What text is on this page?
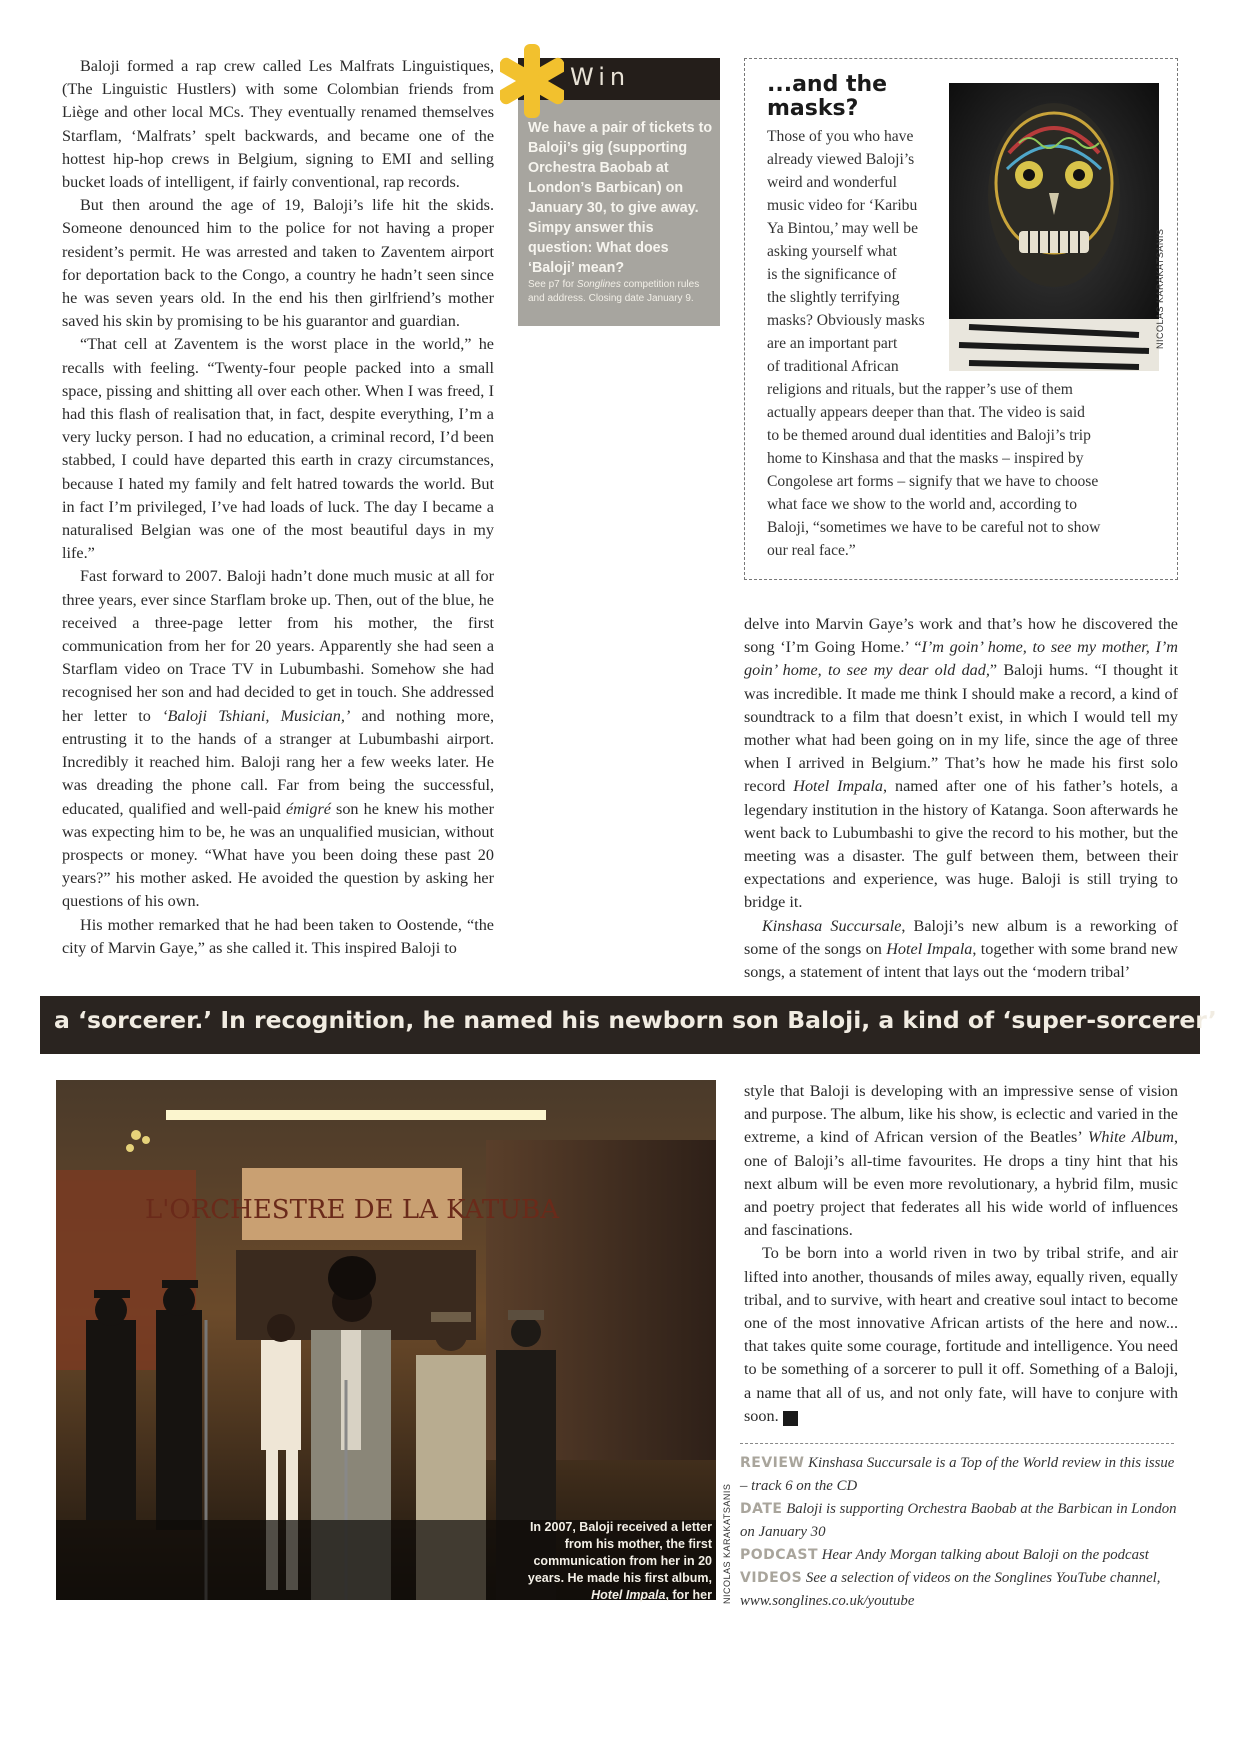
Baloji formed a rap crew called Les Malfrats Linguistiques, (The Linguistic Hustlers) with some Colombian friends from Liège and other local MCs. They eventually renamed themselves Starflam, ‘Malfrats’ spelt backwards, and became one of the hottest hip-hop crews in Belgium, signing to EMI and selling bucket loads of intelligent, if fairly conventional, rap records.

But then around the age of 19, Baloji’s life hit the skids. Someone denounced him to the police for not having a proper resident’s permit. He was arrested and taken to Zaventem airport for deportation back to the Congo, a country he hadn’t seen since he was seven years old. In the end his then girlfriend’s mother saved his skin by promising to be his guarantor and guardian.

“That cell at Zaventem is the worst place in the world,” he recalls with feeling. “Twenty-four people packed into a small space, pissing and shitting all over each other. When I was freed, I had this flash of realisation that, in fact, despite everything, I’m a very lucky person. I had no education, a criminal record, I’d been stabbed, I could have departed this earth in crazy circumstances, because I hated my family and felt hatred towards the world. But in fact I’m privileged, I’ve had loads of luck. The day I became a naturalised Belgian was one of the most beautiful days in my life.”

Fast forward to 2007. Baloji hadn’t done much music at all for three years, ever since Starflam broke up. Then, out of the blue, he received a three-page letter from his mother, the first communication from her for 20 years. Apparently she had seen a Starflam video on Trace TV in Lubumbashi. Somehow she had recognised her son and had decided to get in touch. She addressed her letter to ‘Baloji Tshiani, Musician,’ and nothing more, entrusting it to the hands of a stranger at Lubumbashi airport. Incredibly it reached him. Baloji rang her a few weeks later. He was dreading the phone call. Far from being the successful, educated, qualified and well-paid émigré son he knew his mother was expecting him to be, he was an unqualified musician, without prospects or money. “What have you been doing these past 20 years?” his mother asked. He avoided the question by asking her questions of his own.

His mother remarked that he had been taken to Oostende, “the city of Marvin Gaye,” as she called it. This inspired Baloji to

Win
We have a pair of tickets to Baloji’s gig (supporting Orchestra Baobab at London’s Barbican) on January 30, to give away. Simpy answer this question: What does ‘Baloji’ mean?
See p7 for Songlines competition rules and address. Closing date January 9.
...and the
masks?
NICOLAS KARAKATSANIS
Those of you who have
already viewed Baloji’s
weird and wonderful
music video for ‘Karibu
Ya Bintou,’ may well be
asking yourself what
is the significance of
the slightly terrifying
masks? Obviously masks
are an important part
of traditional African
religions and rituals, but the rapper’s use of them
actually appears deeper than that. The video is said
to be themed around dual identities and Baloji’s trip
home to Kinshasa and that the masks – inspired by
Congolese art forms – signify that we have to choose
what face we show to the world and, according to
Baloji, “sometimes we have to be careful not to show
our real face.”

delve into Marvin Gaye’s work and that’s how he discovered the song ‘I’m Going Home.’ “I’m goin’ home, to see my mother, I’m goin’ home, to see my dear old dad,” Baloji hums. “I thought it was incredible. It made me think I should make a record, a kind of soundtrack to a film that doesn’t exist, in which I would tell my mother what had been going on in my life, since the age of three when I arrived in Belgium.” That’s how he made his first solo record Hotel Impala, named after one of his father’s hotels, a legendary institution in the history of Katanga. Soon afterwards he went back to Lubumbashi to give the record to his mother, but the meeting was a disaster. The gulf between them, between their expectations and experience, was huge. Baloji is still trying to bridge it.

Kinshasa Succursale, Baloji’s new album is a reworking of some of the songs on Hotel Impala, together with some brand new songs, a statement of intent that lays out the ‘modern tribal’

a ‘sorcerer.’ In recognition, he named his newborn son Baloji, a kind of ‘super-sorcerer’
L'ORCHESTRE DE LA KATUBA
In 2007, Baloji received a letter from his mother, the first communication from her in 20 years. He made his first album, Hotel Impala, for her NICOLAS KARAKATSANIS

style that Baloji is developing with an impressive sense of vision and purpose. The album, like his show, is eclectic and varied in the extreme, a kind of African version of the Beatles’ White Album, one of Baloji’s all-time favourites. He drops a tiny hint that his next album will be even more revolutionary, a hybrid film, music and poetry project that federates all his wide world of influences and fascinations.

To be born into a world riven in two by tribal strife, and air lifted into another, thousands of miles away, equally riven, equally tribal, and to survive, with heart and creative soul intact to become one of the most innovative African artists of the here and now... that takes quite some courage, fortitude and intelligence. You need to be something of a sorcerer to pull it off. Something of a Baloji, a name that all of us, and not only fate, will have to conjure with soon. S

REVIEW Kinshasa Succursale is a Top of the World review in this issue – track 6 on the CD
DATE Baloji is supporting Orchestra Baobab at the Barbican in London on January 30
PODCAST Hear Andy Morgan talking about Baloji on the podcast
VIDEOS See a selection of videos on the Songlines YouTube channel, www.songlines.co.uk/youtube
